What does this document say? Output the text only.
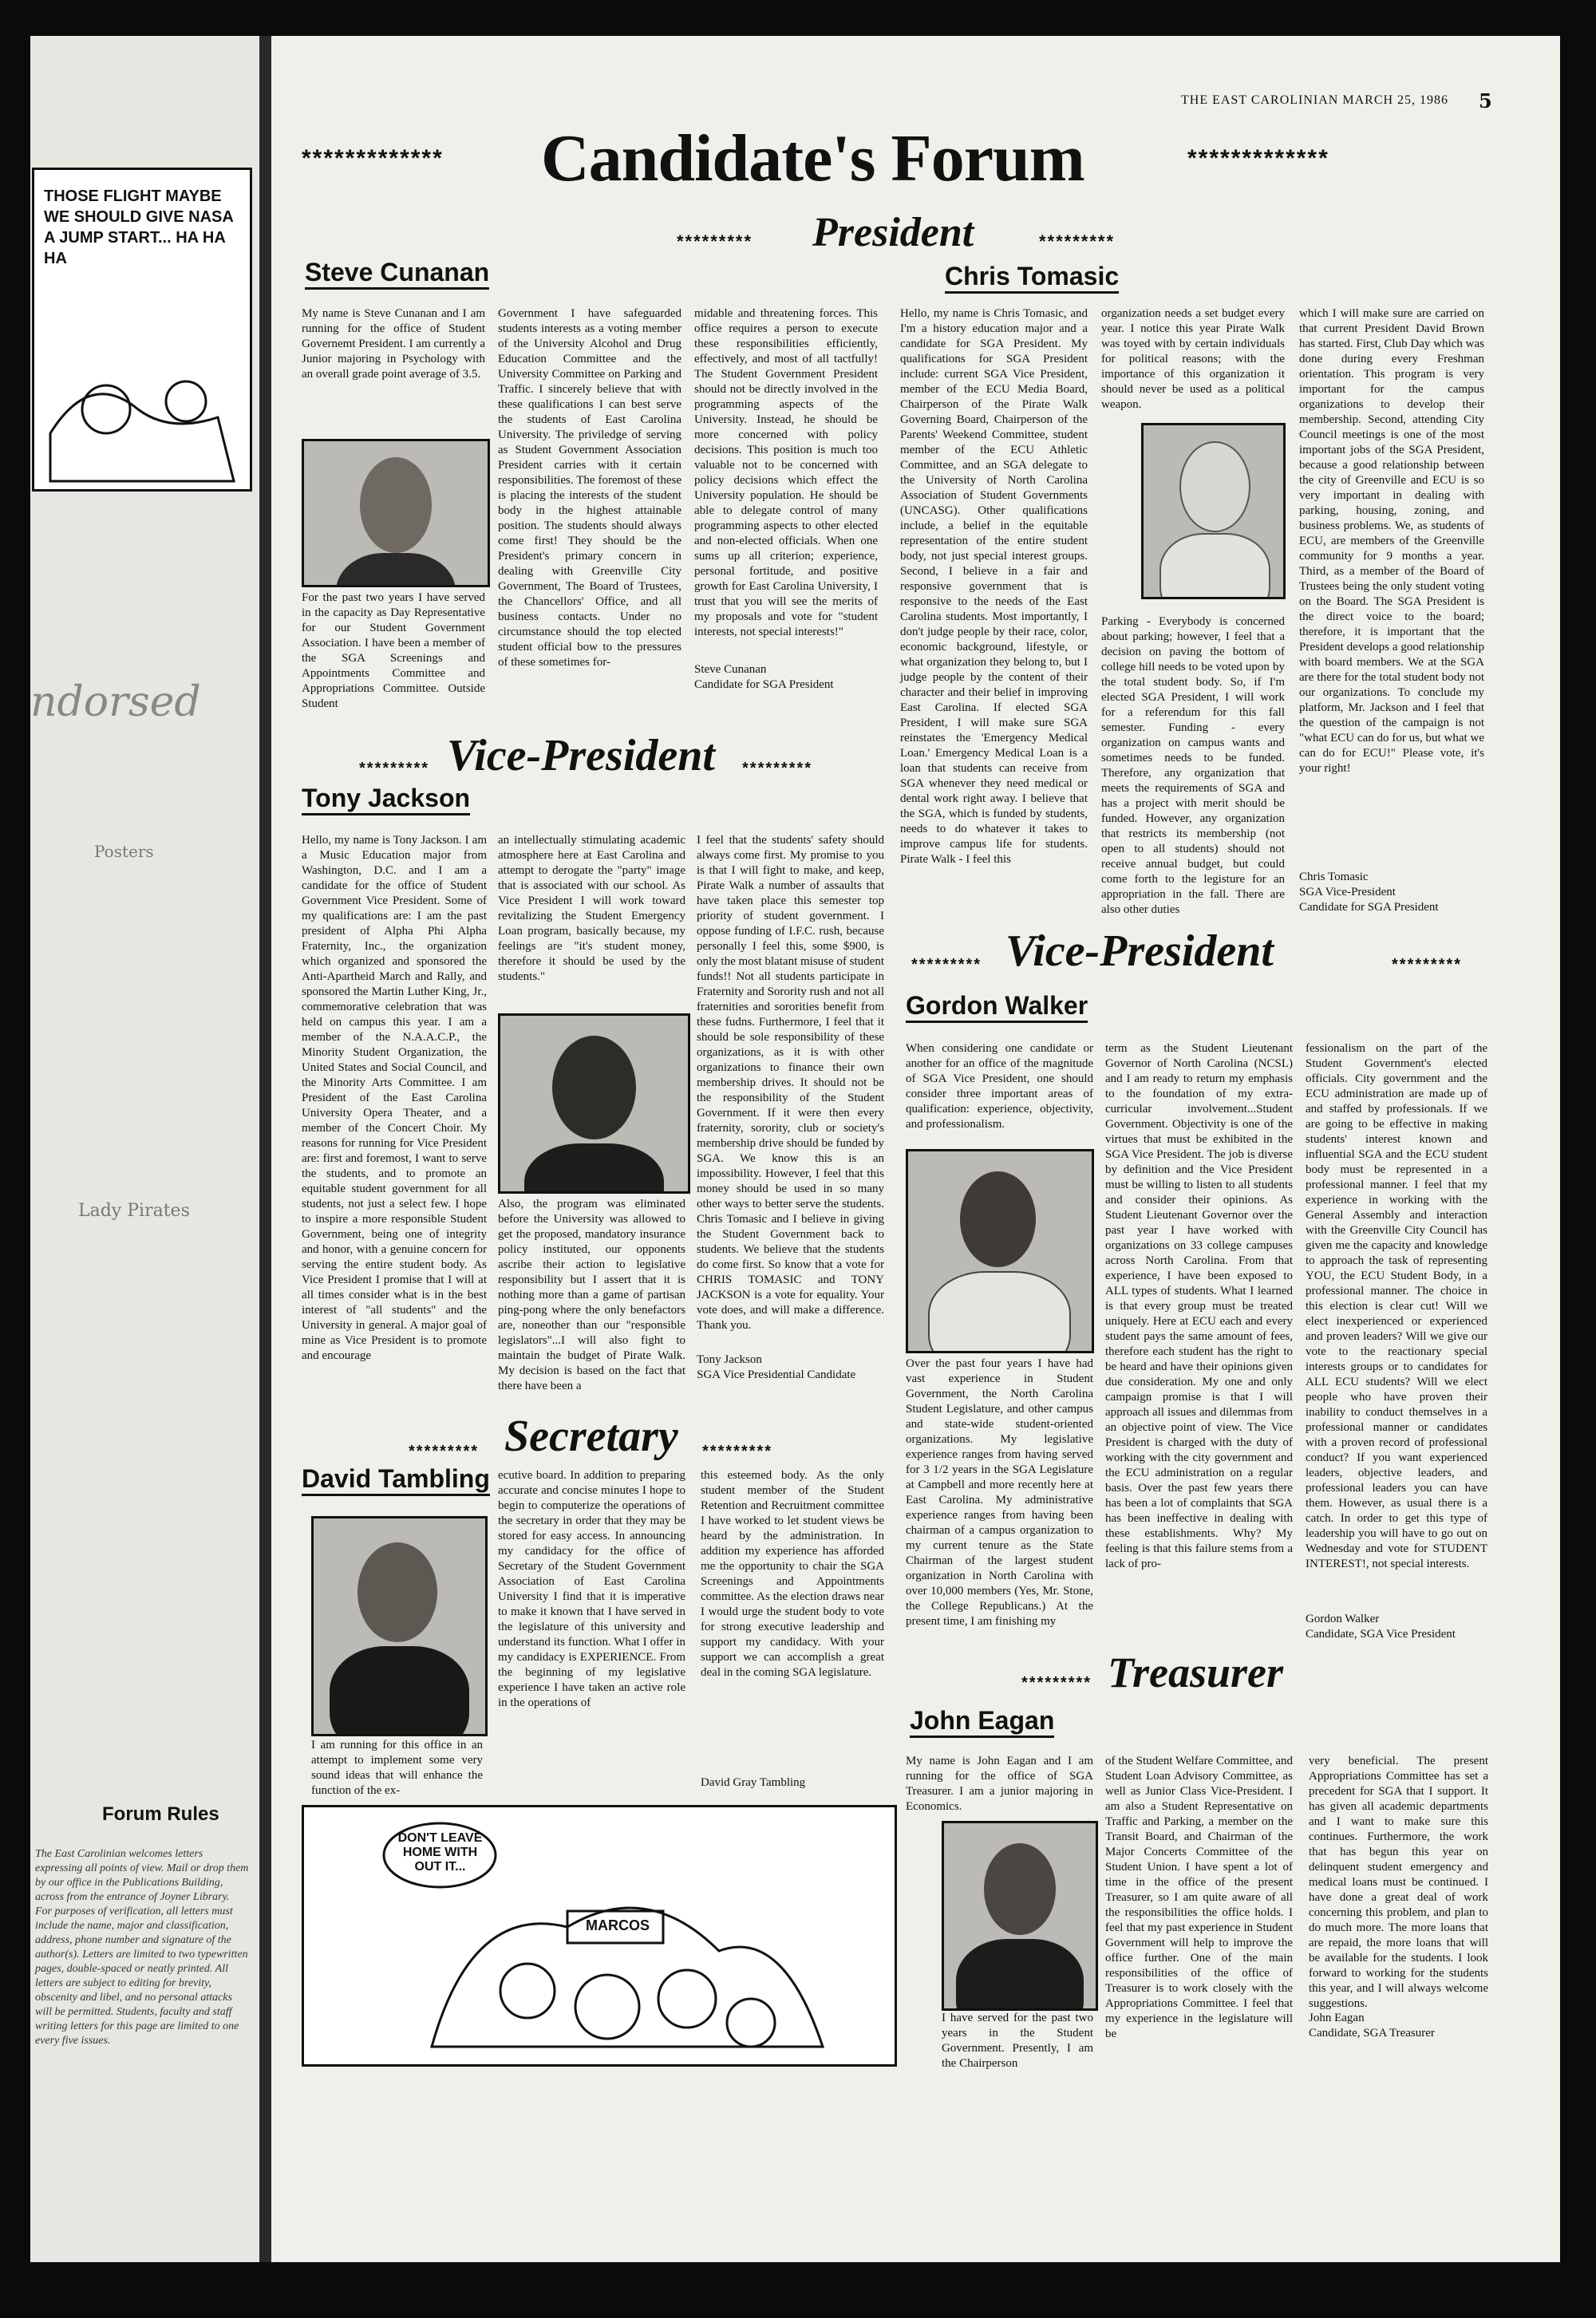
THOSE FLIGHT MAYBE WE SHOULD GIVE NASA A JUMP START... HA HA HA
ndorsed
Posters
Lady Pirates
Forum Rules
The East Carolinian welcomes letters expressing all points of view. Mail or drop them by our office in the Publications Building, across from the entrance of Joyner Library. For purposes of verification, all letters must include the name, major and classification, address, phone number and signature of the author(s). Letters are limited to two typewritten pages, double-spaced or neatly printed. All letters are subject to editing for brevity, obscenity and libel, and no personal attacks will be permitted. Students, faculty and staff writing letters for this page are limited to one every five issues.
THE EAST CAROLINIAN MARCH 25, 1986 5
************* Candidate's Forum	*************
********* President	*********
Steve Cunanan
My name is Steve Cunanan and I am running for the office of Student Governemt President. I am currently a Junior majoring in Psychology with an overall grade point average of 3.5.
For the past two years I have served in the capacity as Day Representative for our Student Government Association. I have been a member of the SGA Screenings and Appointments Committee and Appropriations Committee. Outside Student
Government I have safeguarded students interests as a voting member of the University Alcohol and Drug Education Committee and the University Committee on Parking and Traffic. I sincerely believe that with these qualifications I can best serve the students of East Carolina University. The priviledge of serving as Student Government Association President carries with it certain responsibilities. The foremost of these is placing the interests of the student body in the highest attainable position. The students should always come first! They should be the President's primary concern in dealing with Greenville City Government, The Board of Trustees, the Chancellors' Office, and all business contacts. Under no circumstance should the top elected student official bow to the pressures of these sometimes for-
midable and threatening forces. This office requires a person to execute these responsibilities efficiently, effectively, and most of all tactfully! The Student Government President should not be directly involved in the programming aspects of the University. Instead, he should be more concerned with policy decisions. This position is much too valuable not to be concerned with policy decisions which effect the University population. He should be able to delegate control of many programming aspects to other elected and non-elected officials. When one sums up all criterion; experience, personal fortitude, and positive growth for East Carolina University, I trust that you will see the merits of my proposals and vote for "student interests, not special interests!"
Steve Cunanan
Candidate for SGA President
Chris Tomasic
Hello, my name is Chris Tomasic, and I'm a history education major and a candidate for SGA President. My qualifications for SGA President include: current SGA Vice President, member of the ECU Media Board, Chairperson of the Pirate Walk Governing Board, Chairperson of the Parents' Weekend Committee, student member of the ECU Athletic Committee, and an SGA delegate to the University of North Carolina Association of Student Governments (UNCASG). Other qualifications include, a belief in the equitable representation of the entire student body, not just special interest groups. Second, I believe in a fair and responsive government that is responsive to the needs of the East Carolina students. Most importantly, I don't judge people by their race, color, economic background, lifestyle, or what organization they belong to, but I judge people by the content of their character and their belief in improving East Carolina. If elected SGA President, I will make sure SGA reinstates the 'Emergency Medical Loan.' Emergency Medical Loan is a loan that students can receive from SGA whenever they need medical or dental work right away. I believe that the SGA, which is funded by students, needs to do whatever it takes to improve campus life for students. Pirate Walk - I feel this
organization needs a set budget every year. I notice this year Pirate Walk was toyed with by certain individuals for political reasons; with the importance of this organization it should never be used as a political weapon.
Parking - Everybody is concerned about parking; however, I feel that a decision on paving the bottom of college hill needs to be voted upon by the total student body. So, if I'm elected SGA President, I will work for a referendum for this fall semester. Funding - every organization on campus wants and sometimes needs to be funded. Therefore, any organization that meets the requirements of SGA and has a project with merit should be funded. However, any organization that restricts its membership (not open to all students) should not receive annual budget, but could come forth to the legisture for an appropriation in the fall. There are also other duties
which I will make sure are carried on that current President David Brown has started. First, Club Day which was done during every Freshman orientation. This program is very important for the campus organizations to develop their membership. Second, attending City Council meetings is one of the most important jobs of the SGA President, because a good relationship between the city of Greenville and ECU is so very important in dealing with parking, housing, zoning, and business problems. We, as students of ECU, are members of the Greenville community for 9 months a year. Third, as a member of the Board of Trustees being the only student voting on the Board. The SGA President is the direct voice to the board; therefore, it is important that the President develops a good relationship with board members. We at the SGA are there for the total student body not our organizations. To conclude my platform, Mr. Jackson and I feel that the question of the campaign is not "what ECU can do for us, but what we can do for ECU!" Please vote, it's your right!
Chris Tomasic
SGA Vice-President
Candidate for SGA President
********* Vice-President *********
Tony Jackson
Hello, my name is Tony Jackson. I am a Music Education major from Washington, D.C. and I am a candidate for the office of Student Government Vice President. Some of my qualifications are: I am the past president of Alpha Phi Alpha Fraternity, Inc., the organization which organized and sponsored the Anti-Apartheid March and Rally, and sponsored the Martin Luther King, Jr., commemorative celebration that was held on campus this year. I am a member of the N.A.A.C.P., the Minority Student Organization, the United States and Social Council, and the Minority Arts Committee. I am President of the East Carolina University Opera Theater, and a member of the Concert Choir. My reasons for running for Vice President are: first and foremost, I want to serve the students, and to promote an equitable student government for all students, not just a select few. I hope to inspire a more responsible Student Government, being one of integrity and honor, with a genuine concern for serving the entire student body. As Vice President I promise that I will at all times consider what is in the best interest of "all students" and the University in general. A major goal of mine as Vice President is to promote and encourage
an intellectually stimulating academic atmosphere here at East Carolina and attempt to derogate the "party" image that is associated with our school. As Vice President I will work toward revitalizing the Student Emergency Loan program, basically because, my feelings are "it's student money, therefore it should be used by the students."
Also, the program was eliminated before the University was allowed to get the proposed, mandatory insurance policy instituted, our opponents ascribe their action to legislative responsibility but I assert that it is nothing more than a game of partisan ping-pong where the only benefactors are, noneother than our "responsible legislators"...I will also fight to maintain the budget of Pirate Walk. My decision is based on the fact that there have been a
I feel that the students' safety should always come first. My promise to you is that I will fight to make, and keep, Pirate Walk a number of assaults that have taken place this semester top priority of student government. I oppose funding of I.F.C. rush, because personally I feel this, some $900, is only the most blatant misuse of student funds!! Not all students participate in Fraternity and Sorority rush and not all fraternities and sororities benefit from these fudns. Furthermore, I feel that it should be sole responsibility of these organizations, as it is with other organizations to finance their own membership drives. It should not be the responsibility of the Student Government. If it were then every fraternity, sorority, club or society's membership drive should be funded by SGA. We know this is an impossibility. However, I feel that this money should be used in so many other ways to better serve the students. Chris Tomasic and I believe in giving the Student Government back to students. We believe that the students do come first. So know that a vote for CHRIS TOMASIC and TONY JACKSON is a vote for equality. Your vote does, and will make a difference. Thank you.
Tony Jackson
SGA Vice Presidential Candidate
********* Secretary *********
David Tambling
I am running for this office in an attempt to implement some very sound ideas that will enhance the function of the ex-
ecutive board. In addition to preparing accurate and concise minutes I hope to begin to computerize the operations of the secretary in order that they may be stored for easy access. In announcing my candidacy for the office of Secretary of the Student Government Association of East Carolina University I find that it is imperative to make it known that I have served in the legislature of this university and understand its function. What I offer in my candidacy is EXPERIENCE. From the beginning of my legislative experience I have taken an active role in the operations of
this esteemed body. As the only student member of the Student Retention and Recruitment committee I have worked to let student views be heard by the administration. In addition my experience has afforded me the opportunity to chair the SGA Screenings and Appointments committee. As the election draws near I would urge the student body to vote for strong executive leadership and support my candidacy. With your support we can accomplish a great deal in the coming SGA legislature.
David Gray Tambling
DON'T LEAVE HOME WITH OUT IT...
MARCOS
********* Vice-President	*********
Gordon Walker
When considering one candidate or another for an office of the magnitude of SGA Vice President, one should consider three important areas of qualification: experience, objectivity, and professionalism.
Over the past four years I have had vast experience in Student Government, the North Carolina Student Legislature, and other campus and state-wide student-oriented organizations. My legislative experience ranges from having served for 3 1/2 years in the SGA Legislature at Campbell and more recently here at East Carolina. My administrative experience ranges from having been chairman of a campus organization to my current tenure as the State Chairman of the largest student organization in North Carolina with over 10,000 members (Yes, Mr. Stone, the College Republicans.) At the present time, I am finishing my
term as the Student Lieutenant Governor of North Carolina (NCSL) and I am ready to return my emphasis to the foundation of my extra-curricular involvement...Student Government. Objectivity is one of the virtues that must be exhibited in the SGA Vice President. The job is diverse by definition and the Vice President must be willing to listen to all students and consider their opinions. As Student Lieutenant Governor over the past year I have worked with organizations on 33 college campuses across North Carolina. From that experience, I have been exposed to ALL types of students. What I learned is that every group must be treated uniquely. Here at ECU each and every student pays the same amount of fees, therefore each student has the right to be heard and have their opinions given due consideration. My one and only campaign promise is that I will approach all issues and dilemmas from an objective point of view. The Vice President is charged with the duty of working with the city government and the ECU administration on a regular basis. Over the past few years there has been a lot of complaints that SGA has been ineffective in dealing with these establishments. Why? My feeling is that this failure stems from a lack of pro-
fessionalism on the part of the Student Government's elected officials. City government and the ECU administration are made up of and staffed by professionals. If we are going to be effective in making students' interest known and influential SGA and the ECU student body must be represented in a professional manner. I feel that my experience in working with the General Assembly and interaction with the Greenville City Council has given me the capacity and knowledge to approach the task of representing YOU, the ECU Student Body, in a professional manner. The choice in this election is clear cut! Will we elect inexperienced or experienced and proven leaders? Will we give our vote to the reactionary special interests groups or to candidates for ALL ECU students? Will we elect people who have proven their inability to conduct themselves in a professional manner or candidates with a proven record of professional conduct? If you want experienced leaders, objective leaders, and professional leaders you can have them. However, as usual there is a catch. In order to get this type of leadership you will have to go out on Wednesday and vote for STUDENT INTEREST!, not special interests.
Gordon Walker
Candidate, SGA Vice President
********* Treasurer
John Eagan
My name is John Eagan and I am running for the office of SGA Treasurer. I am a junior majoring in Economics.
I have served for the past two years in the Student Government. Presently, I am the Chairperson
of the Student Welfare Committee, and Student Loan Advisory Committee, as well as Junior Class Vice-President. I am also a Student Representative on Traffic and Parking, a member on the Transit Board, and Chairman of the Major Concerts Committee of the Student Union. I have spent a lot of time in the office of the present Treasurer, so I am quite aware of all the responsibilities the office holds. I feel that my past experience in Student Government will help to improve the office further. One of the main responsibilities of the office of Treasurer is to work closely with the Appropriations Committee. I feel that my experience in the legislature will be
very beneficial. The present Appropriations Committee has set a precedent for SGA that I support. It has given all academic departments and I want to make sure this continues. Furthermore, the work that has begun this year on delinquent student emergency and medical loans must be continued. I have done a great deal of work concerning this problem, and plan to do much more. The more loans that are repaid, the more loans that will be available for the students. I look forward to working for the students this year, and I will always welcome suggestions.
John Eagan
Candidate, SGA Treasurer
